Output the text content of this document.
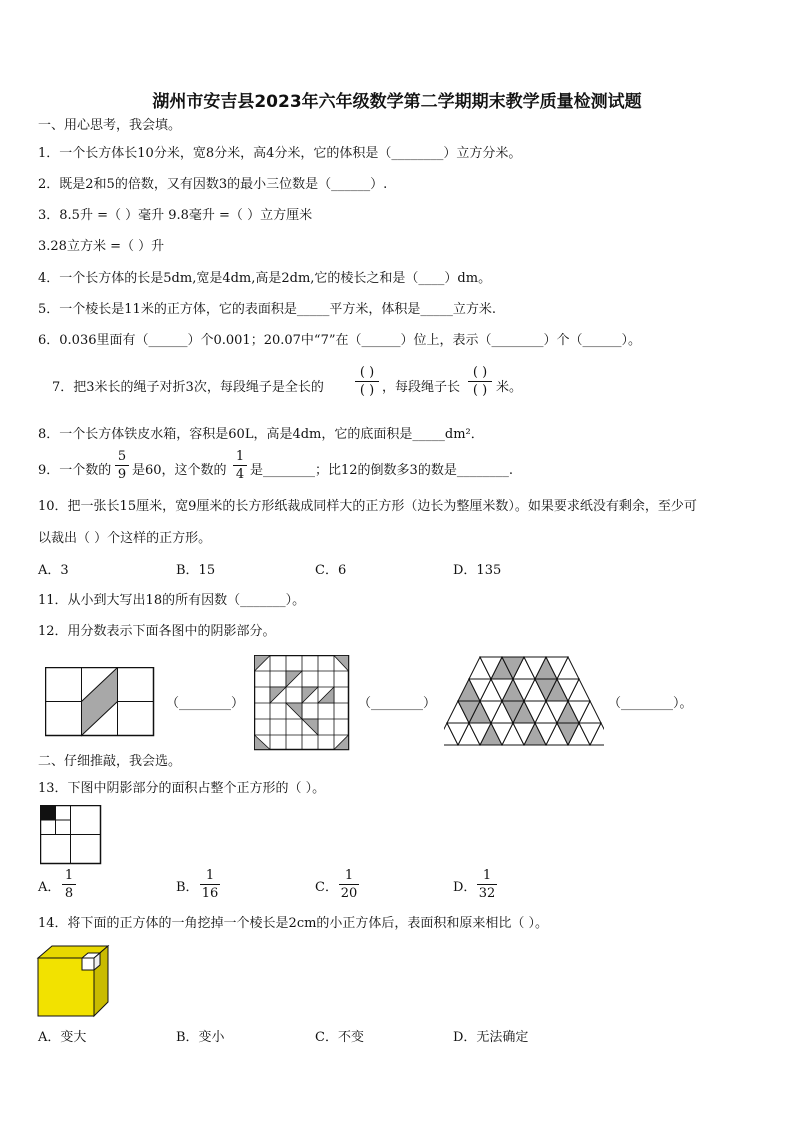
湖州市安吉县2023年六年级数学第二学期期末教学质量检测试题
一、用心思考，我会填。
1．一个长方体长10分米，宽8分米，高4分米，它的体积是（________）立方分米。
2．既是2和5的倍数，又有因数3的最小三位数是（______）.
3．8.5升 =（ ）毫升 9.8毫升 =（ ）立方厘米
3.28立方米 =（ ）升
4．一个长方体的长是5dm,宽是4dm,高是2dm,它的棱长之和是（____）dm。
5．一个棱长是11米的正方体，它的表面积是_____平方米，体积是_____立方米.
6．0.036里面有（______）个0.001；20.07中“7”在（______）位上，表示（________）个（______）。
7．把3米长的绳子对折3次，每段绳子是全长的
( )
( ) ，每段绳子长
( )
( ) 米。
8．一个长方体铁皮水箱，容积是60L，高是4dm，它的底面积是_____dm²．
9．一个数的
5
9 是60，这个数的
1
4 是________；比12的倒数多3的数是________.
10．把一张长15厘米，宽9厘米的长方形纸裁成同样大的正方形（边长为整厘米数）。如果要求纸没有剩余，至少可
以裁出（ ）个这样的正方形。
A．3	B．15	C．6	D．135
11．从小到大写出18的所有因数（_______）。
12．用分数表示下面各图中的阴影部分。
（________）	（________）	（________）。
二、仔细推敲，我会选。
13．下图中阴影部分的面积占整个正方形的（ ）。
A．
1
8	B．
1
16	C．
1
20	D．
1
32
14．将下面的正方体的一角挖掉一个棱长是2cm的小正方体后，表面积和原来相比（ ）。
A．变大	B．变小	C．不变	D．无法确定
